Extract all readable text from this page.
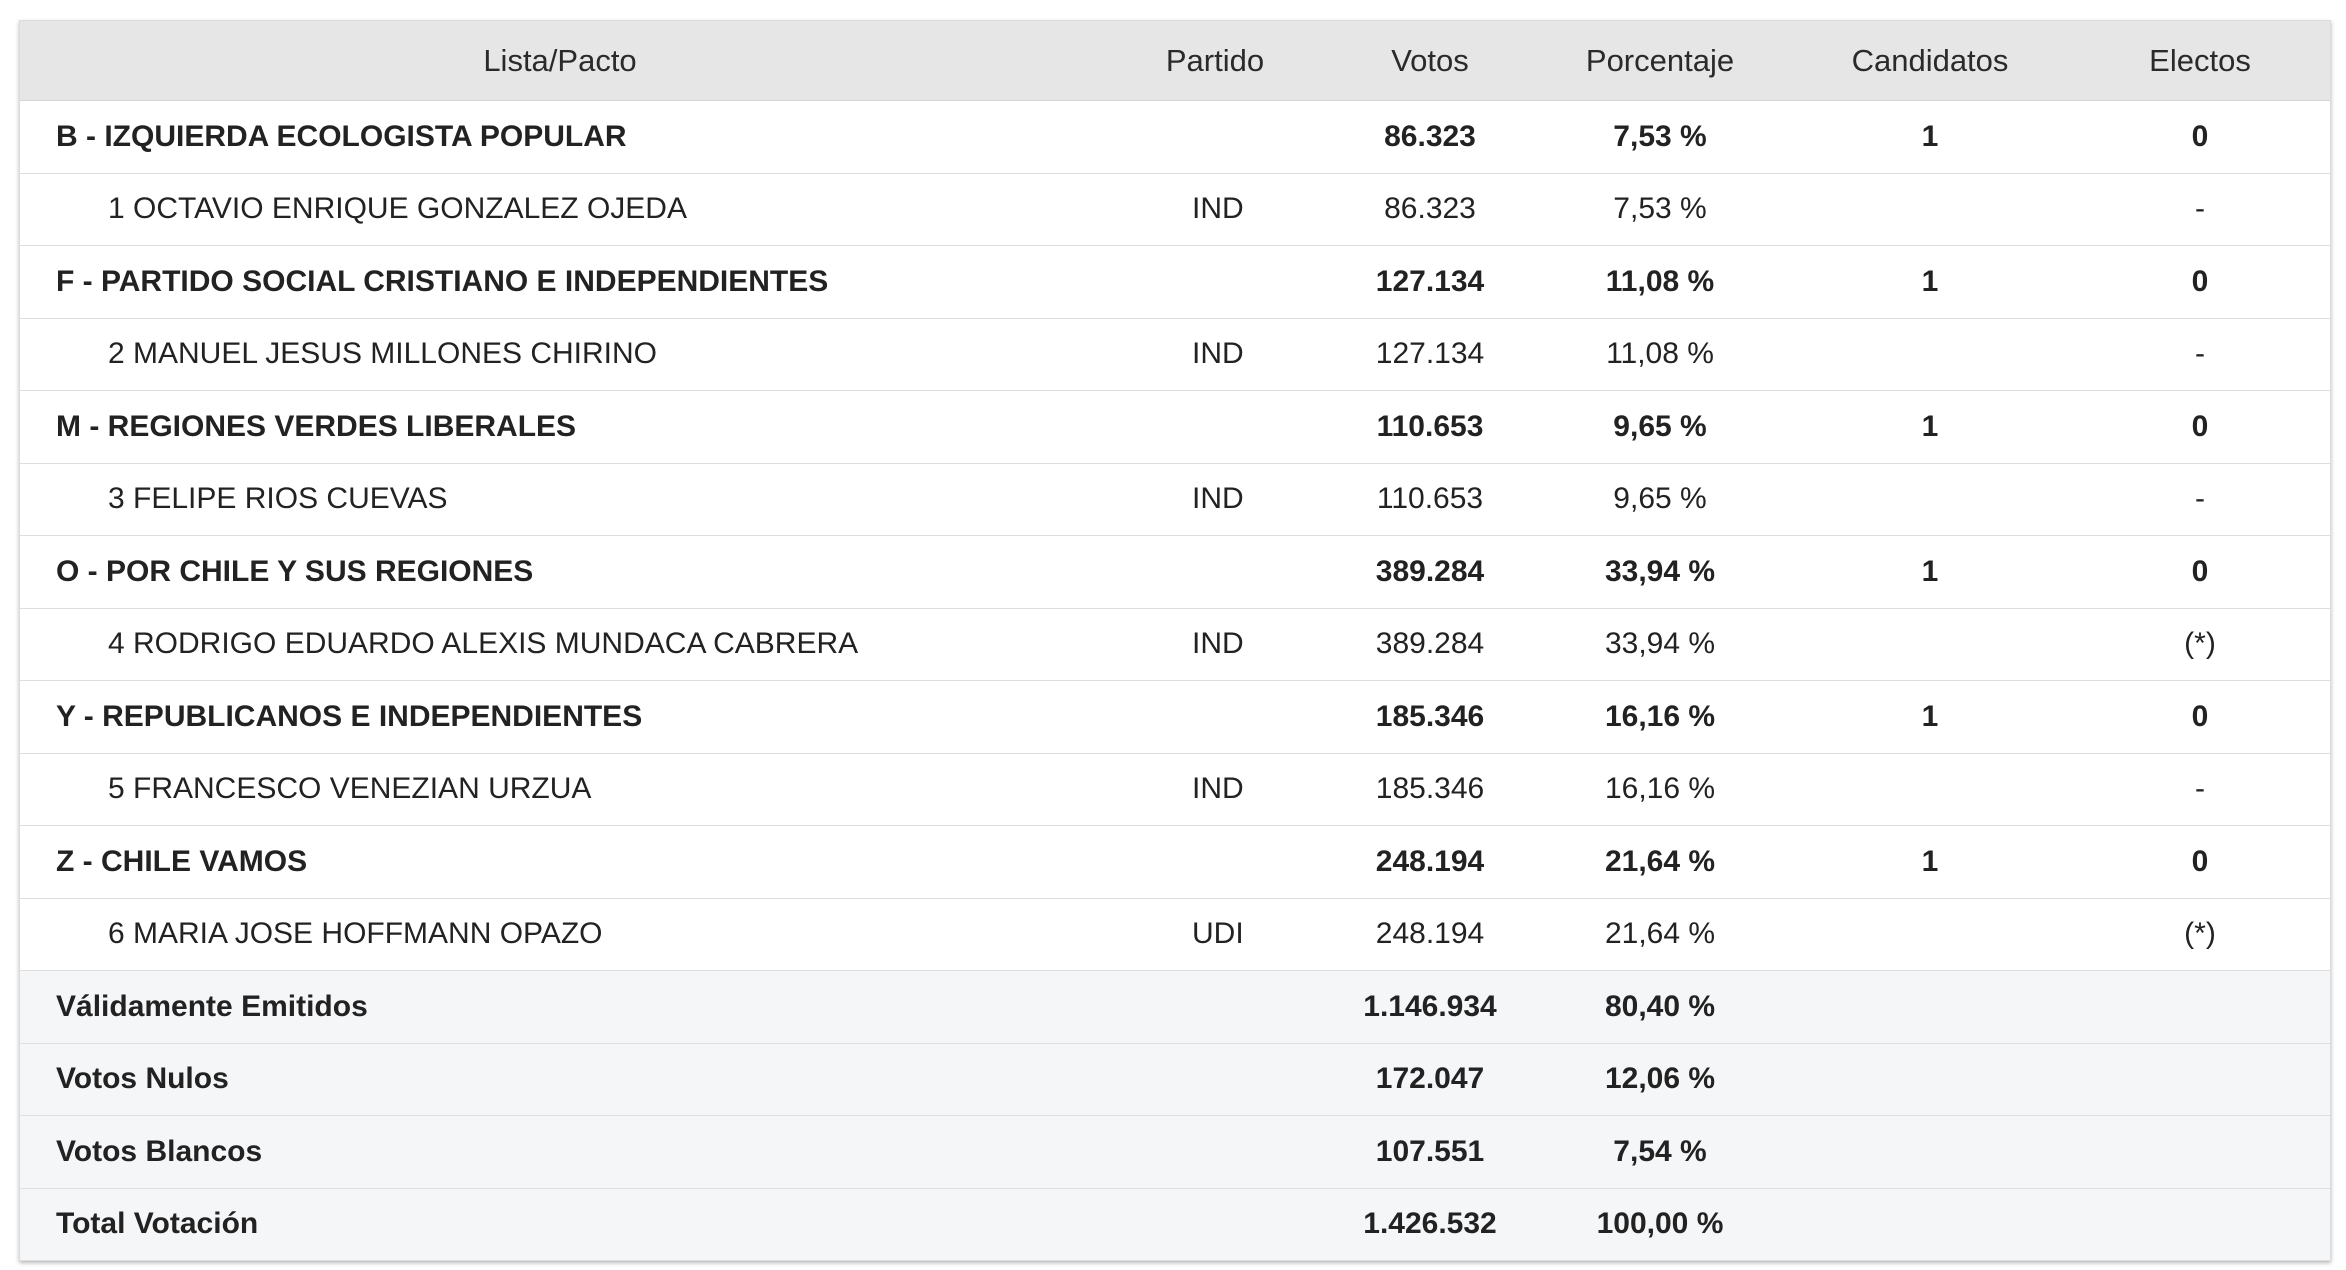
Lista/Pacto	Partido	Votos	Porcentaje	Candidatos	Electos
B - IZQUIERDA ECOLOGISTA POPULAR		86.323	7,53 %	1	0
1 OCTAVIO ENRIQUE GONZALEZ OJEDA	IND	86.323	7,53 %		-
F - PARTIDO SOCIAL CRISTIANO E INDEPENDIENTES		127.134	11,08 %	1	0
2 MANUEL JESUS MILLONES CHIRINO	IND	127.134	11,08 %		-
M - REGIONES VERDES LIBERALES		110.653	9,65 %	1	0
3 FELIPE RIOS CUEVAS	IND	110.653	9,65 %		-
O - POR CHILE Y SUS REGIONES		389.284	33,94 %	1	0
4 RODRIGO EDUARDO ALEXIS MUNDACA CABRERA	IND	389.284	33,94 %		(*)
Y - REPUBLICANOS E INDEPENDIENTES		185.346	16,16 %	1	0
5 FRANCESCO VENEZIAN URZUA	IND	185.346	16,16 %		-
Z - CHILE VAMOS		248.194	21,64 %	1	0
6 MARIA JOSE HOFFMANN OPAZO	UDI	248.194	21,64 %		(*)
Válidamente Emitidos		1.146.934	80,40 %		
Votos Nulos		172.047	12,06 %		
Votos Blancos		107.551	7,54 %		
Total Votación		1.426.532	100,00 %		
